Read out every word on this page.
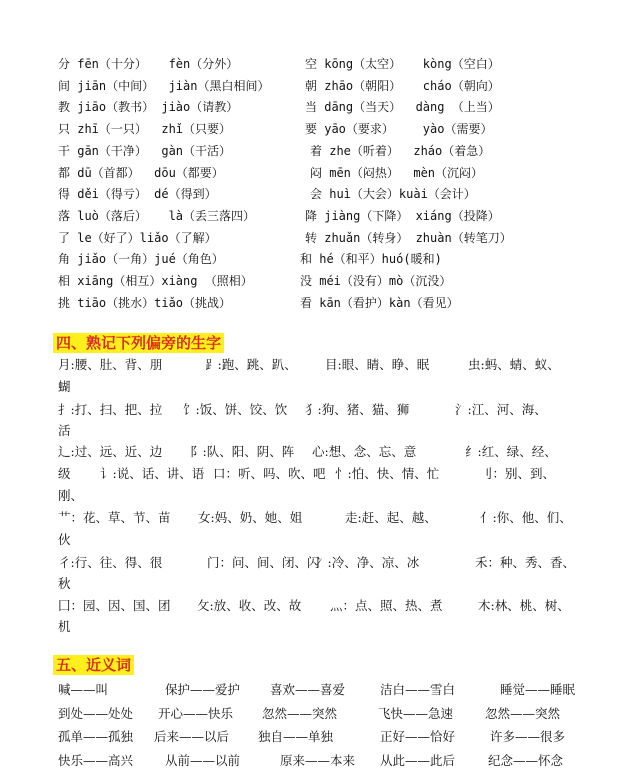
分 fēn（十分）   fèn（分外）	空 kōng（太空）   kòng（空白）
间 jiān（中间）  jiàn（黑白相间）	朝 zhāo（朝阳）   cháo（朝向）
教 jiāo（教书） jiào（请教）	当 dāng（当天）  dàng （上当）
只 zhī（一只）  zhǐ（只要）	要 yāo（要求）    yào（需要）
干 gān（干净）  gàn（干活）	着 zhe（听着）  zháo（着急）
都 dū（首都）  dōu（都要）	闷 mēn（闷热）  mèn（沉闷）
得 děi（得亏） dé（得到）	会 huì（大会）kuài（会计）
落 luò（落后）   là（丢三落四）	降 jiàng（下降） xiáng（投降）
了 le（好了）liǎo（了解）	转 zhuǎn（转身） zhuàn（转笔刀）
角 jiǎo（一角）jué（角色）	和 hé（和平）huó(暖和)
相 xiāng（相互）xiàng （照相）	没 méi（没有）mò（沉没）
挑 tiāo（挑水）tiǎo（挑战）	看 kān（看护）kàn（看见）
四、熟记下列偏旁的生字
月:腰、肚、背、朋	⻊:跑、跳、趴、 目:眼、睛、睁、眠	虫:蚂、蜻、蚁、
蝴
扌:打、扫、把、拉 饣:饭、饼、饺、饮 犭:狗、猪、猫、狮	氵:江、河、海、
活
辶:过、远、近、边 阝:队、阳、阴、阵 心:想、念、忘、意	纟:红、绿、经、
级 讠:说、话、讲、语 口：听、吗、吹、吧 忄:怕、快、情、忙	刂：别、到、
刚、
艹：花、草、节、苗 女:妈、奶、她、姐	走:赶、起、越、	亻:你、他、们、
伙
彳:行、往、得、很	门：问、间、闭、闪
冫:冷、净、凉、冰	禾：种、秀、香、
秋
囗：园、因、国、团 攵:放、收、改、故 灬：点、照、热、煮	木:林、桃、树、
机
五、近义词
喊——叫	保护——爱护 喜欢——喜爱	洁白——雪白	睡觉——睡眠
到处——处处 开心——快乐 忽然——突然	飞快——急速	忽然——突然
孤单——孤独 后来——以后 独自——单独	正好——恰好	许多——很多
快乐——高兴	从前——以前	原来——本来 从此——此后	纪念——怀念
